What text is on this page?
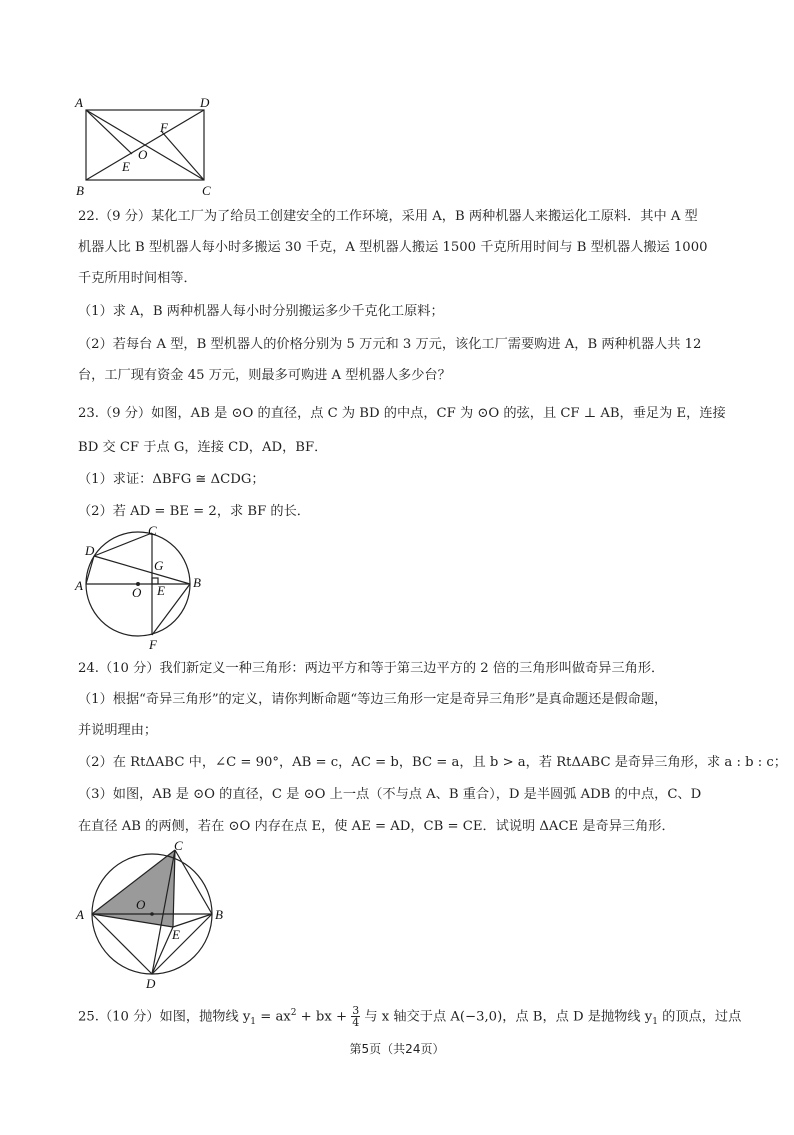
A	D
F
O
E
B	C
22.（9 分）某化工厂为了给员工创建安全的工作环境，采用 A，B 两种机器人来搬运化工原料．其中 A 型
机器人比 B 型机器人每小时多搬运 30 千克，A 型机器人搬运 1500 千克所用时间与 B 型机器人搬运 1000
千克所用时间相等．
（1）求 A，B 两种机器人每小时分别搬运多少千克化工原料；
（2）若每台 A 型，B 型机器人的价格分别为 5 万元和 3 万元，该化工厂需要购进 A，B 两种机器人共 12
台，工厂现有资金 45 万元，则最多可购进 A 型机器人多少台？
23.（9 分）如图，AB 是 ⊙O 的直径，点 C 为 BD 的中点，CF 为 ⊙O 的弦，且 CF ⊥ AB，垂足为 E，连接
BD 交 CF 于点 G，连接 CD，AD，BF．
（1）求证：ΔBFG ≅ ΔCDG；
（2）若 AD = BE = 2，求 BF 的长．
C
D
G
A	O E
B
F
24.（10 分）我们新定义一种三角形：两边平方和等于第三边平方的 2 倍的三角形叫做奇异三角形．
（1）根据“奇异三角形”的定义，请你判断命题“等边三角形一定是奇异三角形”是真命题还是假命题，
并说明理由；
（2）在 RtΔABC 中，∠C = 90°，AB = c，AC = b，BC = a，且 b > a，若 RtΔABC 是奇异三角形，求 a : b : c；
（3）如图，AB 是 ⊙O 的直径，C 是 ⊙O 上一点（不与点 A、B 重合），D 是半圆弧 ADB 的中点，C、D
在直径 AB 的两侧，若在 ⊙O 内存在点 E，使 AE = AD，CB = CE．试说明 ΔACE 是奇异三角形．
C
O
A	B
E
D
25.（10 分）如图，抛物线 $y_1 = ax^2$ + bx + $\frac{3}{4}$ 与 x 轴交于点 A(−3,0)，点 B，点 D 是抛物线 $y_1$ 的顶点，过点
第5页（共24页）
